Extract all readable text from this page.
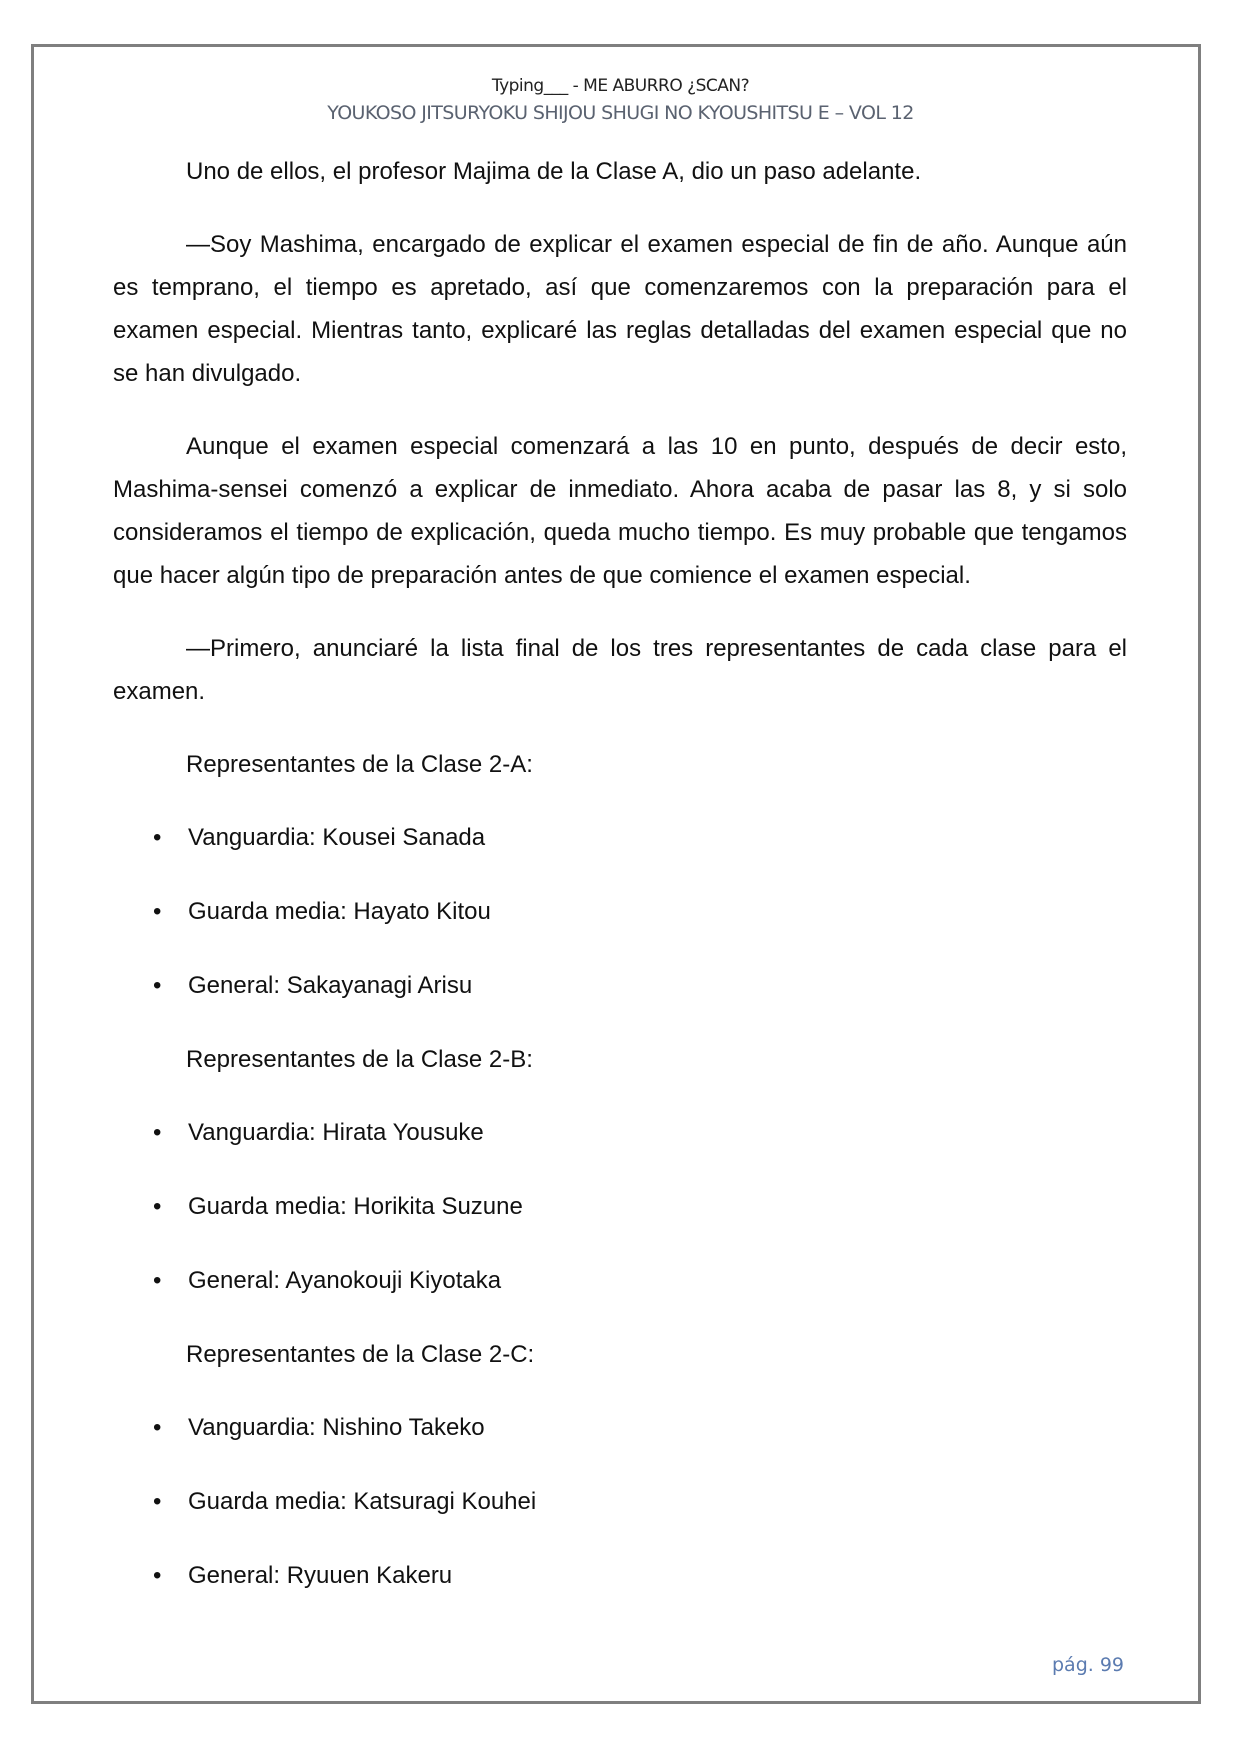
Typing___ - ME ABURRO ¿SCAN?
YOUKOSO JITSURYOKU SHIJOU SHUGI NO KYOUSHITSU E – VOL 12

Uno de ellos, el profesor Majima de la Clase A, dio un paso adelante.

—Soy Mashima, encargado de explicar el examen especial de fin de año. Aunque aún es temprano, el tiempo es apretado, así que comenzaremos con la preparación para el examen especial. Mientras tanto, explicaré las reglas detalladas del examen especial que no se han divulgado.

Aunque el examen especial comenzará a las 10 en punto, después de decir esto, Mashima-sensei comenzó a explicar de inmediato. Ahora acaba de pasar las 8, y si solo consideramos el tiempo de explicación, queda mucho tiempo. Es muy probable que tengamos que hacer algún tipo de preparación antes de que comience el examen especial.

—Primero, anunciaré la lista final de los tres representantes de cada clase para el examen.

Representantes de la Clase 2-A:

• Vanguardia: Kousei Sanada
• Guarda media: Hayato Kitou
• General: Sakayanagi Arisu

Representantes de la Clase 2-B:

• Vanguardia: Hirata Yousuke
• Guarda media: Horikita Suzune
• General: Ayanokouji Kiyotaka

Representantes de la Clase 2-C:

• Vanguardia: Nishino Takeko
• Guarda media: Katsuragi Kouhei
• General: Ryuuen Kakeru
pág. 99
